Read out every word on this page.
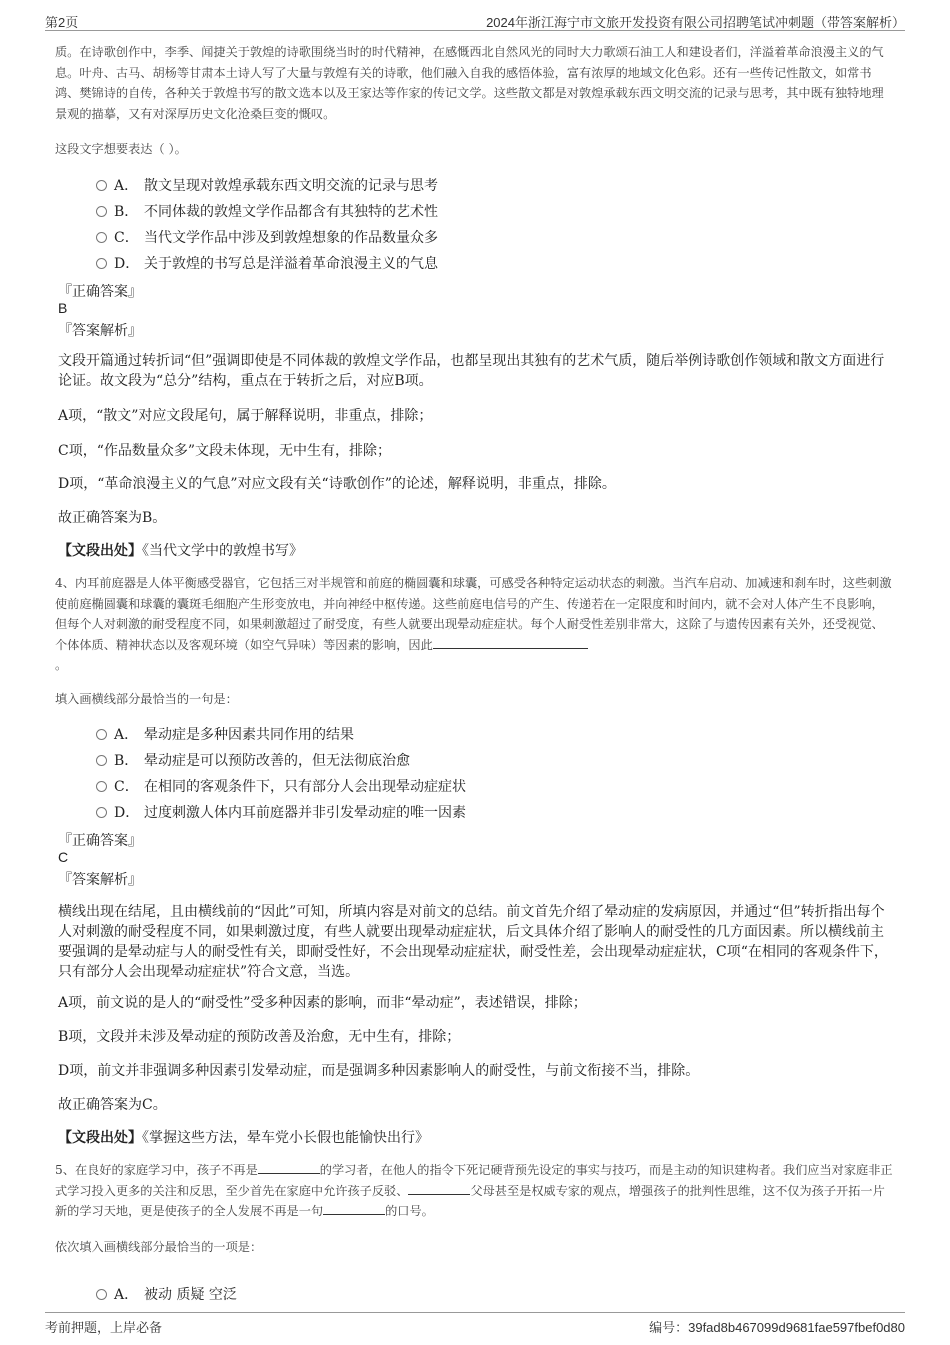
第2页	2024年浙江海宁市文旅开发投资有限公司招聘笔试冲刺题（带答案解析）
质。在诗歌创作中，李季、闻捷关于敦煌的诗歌围绕当时的时代精神，在感慨西北自然风光的同时大力歌颂石油工人和建设者们，洋溢着革命浪漫主义的气息。叶舟、古马、胡杨等甘肃本土诗人写了大量与敦煌有关的诗歌，他们融入自我的感悟体验，富有浓厚的地域文化色彩。还有一些传记性散文，如常书鸿、樊锦诗的自传，各种关于敦煌书写的散文选本以及王家达等作家的传记文学。这些散文都是对敦煌承载东西文明交流的记录与思考，其中既有独特地理景观的描摹，又有对深厚历史文化沧桑巨变的慨叹。
这段文字想要表达（ ）。
A． 散文呈现对敦煌承载东西文明交流的记录与思考
B． 不同体裁的敦煌文学作品都含有其独特的艺术性
C． 当代文学作品中涉及到敦煌想象的作品数量众多
D． 关于敦煌的书写总是洋溢着革命浪漫主义的气息
『正确答案』
B
『答案解析』
文段开篇通过转折词“但”强调即使是不同体裁的敦煌文学作品，也都呈现出其独有的艺术气质，随后举例诗歌创作领域和散文方面进行论证。故文段为“总分”结构，重点在于转折之后，对应B项。
A项，“散文”对应文段尾句，属于解释说明，非重点，排除；
C项，“作品数量众多”文段未体现，无中生有，排除；
D项，“革命浪漫主义的气息”对应文段有关“诗歌创作”的论述，解释说明，非重点，排除。
故正确答案为B。
【文段出处】《当代文学中的敦煌书写》
4、内耳前庭器是人体平衡感受器官，它包括三对半规管和前庭的椭圆囊和球囊，可感受各种特定运动状态的刺激。当汽车启动、加减速和刹车时，这些刺激使前庭椭圆囊和球囊的囊斑毛细胞产生形变放电，并向神经中枢传递。这些前庭电信号的产生、传递若在一定限度和时间内，就不会对人体产生不良影响，但每个人对刺激的耐受程度不同，如果刺激超过了耐受度，有些人就要出现晕动症症状。每个人耐受性差别非常大，这除了与遗传因素有关外，还受视觉、个体体质、精神状态以及客观环境（如空气异味）等因素的影响，因此
。
填入画横线部分最恰当的一句是：
A． 晕动症是多种因素共同作用的结果
B． 晕动症是可以预防改善的，但无法彻底治愈
C． 在相同的客观条件下，只有部分人会出现晕动症症状
D． 过度刺激人体内耳前庭器并非引发晕动症的唯一因素
『正确答案』
C
『答案解析』
横线出现在结尾，且由横线前的“因此”可知，所填内容是对前文的总结。前文首先介绍了晕动症的发病原因，并通过“但”转折指出每个人对刺激的耐受程度不同，如果刺激过度，有些人就要出现晕动症症状，后文具体介绍了影响人的耐受性的几方面因素。所以横线前主要强调的是晕动症与人的耐受性有关，即耐受性好，不会出现晕动症症状，耐受性差，会出现晕动症症状，C项“在相同的客观条件下，只有部分人会出现晕动症症状”符合文意，当选。
A项，前文说的是人的“耐受性”受多种因素的影响，而非“晕动症”，表述错误，排除；
B项，文段并未涉及晕动症的预防改善及治愈，无中生有，排除；
D项，前文并非强调多种因素引发晕动症，而是强调多种因素影响人的耐受性，与前文衔接不当，排除。
故正确答案为C。
【文段出处】《掌握这些方法，晕车党小长假也能愉快出行》
5、在良好的家庭学习中，孩子不再是	的学习者，在他人的指令下死记硬背预先设定的事实与技巧，而是主动的知识建构者。我们应当对家庭非正式学习投入更多的关注和反思，至少首先在家庭中允许孩子反驳、	父母甚至是权威专家的观点，增强孩子的批判性思维，这不仅为孩子开拓一片新的学习天地，更是使孩子的全人发展不再是一句	的口号。
依次填入画横线部分最恰当的一项是：
A． 被动 质疑 空泛
考前押题，上岸必备	编号：39fad8b467099d9681fae597fbef0d80
